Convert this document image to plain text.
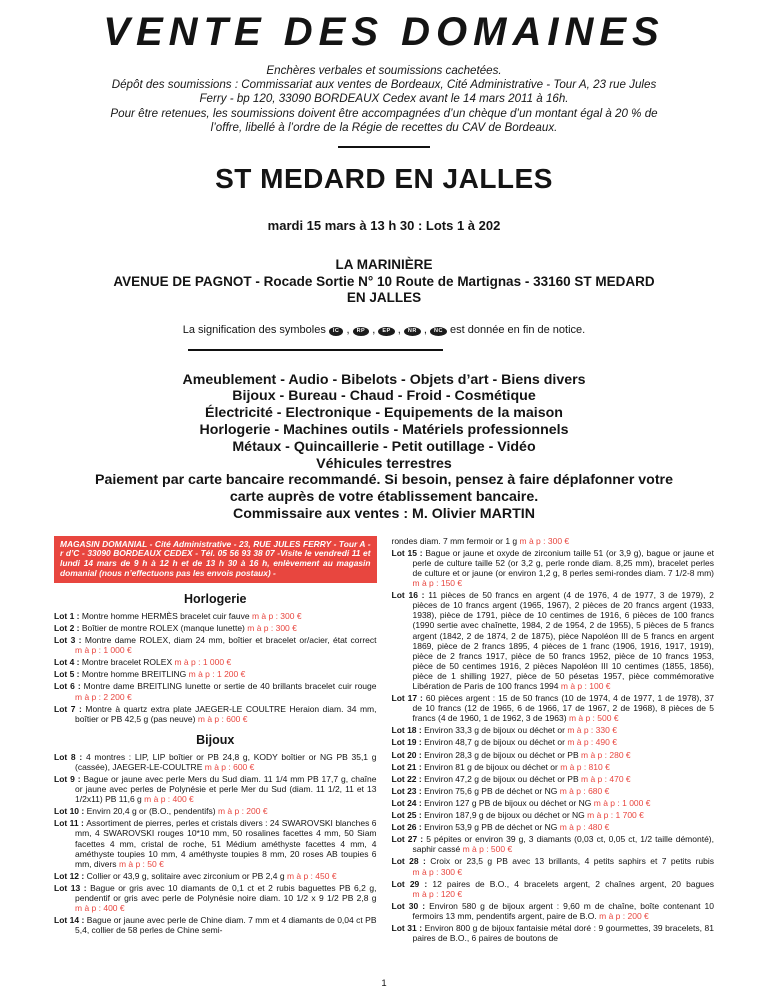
VENTE DES DOMAINES
Enchères verbales et soumissions cachetées.
Dépôt des soumissions : Commissariat aux ventes de Bordeaux, Cité Administrative - Tour A, 23 rue Jules
Ferry - bp 120, 33090 BORDEAUX Cedex avant le 14 mars 2011 à 16h.
Pour être retenues, les soumissions doivent être accompagnées d’un chèque d’un montant égal à 20 % de
l’offre, libellé à l’ordre de la Régie de recettes du CAV de Bordeaux.
ST MEDARD EN JALLES
mardi 15 mars à 13 h 30 : Lots 1 à 202
LA MARINIÈRE
AVENUE DE PAGNOT - Rocade Sortie N° 10 Route de Martignas - 33160 ST MEDARD
EN JALLES
La signification des symboles IC , RP , EP , NR , NC est donnée en fin de notice.
Ameublement - Audio - Bibelots - Objets d’art - Biens divers
Bijoux - Bureau - Chaud - Froid - Cosmétique
Électricité - Electronique - Equipements de la maison
Horlogerie - Machines outils - Matériels professionnels
Métaux - Quincaillerie - Petit outillage - Vidéo
Véhicules terrestres
Paiement par carte bancaire recommandé. Si besoin, pensez à faire déplafonner votre
carte auprès de votre établissement bancaire.
Commissaire aux ventes : M. Olivier MARTIN
MAGASIN DOMANIAL - Cité Administrative - 23, RUE JULES FERRY - Tour A -r d’C - 33090 BORDEAUX CEDEX - Tél. 05 56 93 38 07 -Visite le vendredi 11 et lundi 14 mars de 9 h à 12 h et de 13 h 30 à 16 h, enlèvement au magasin domanial (nous n’effectuons pas les envois postaux) -
Horlogerie

Lot 1 : Montre homme HERMÈS bracelet cuir fauve m à p : 300 €

Lot 2 : Boîtier de montre ROLEX (manque lunette) m à p : 300 €

Lot 3 : Montre dame ROLEX, diam 24 mm, boîtier et bracelet or/acier, état correct m à p : 1 000 €

Lot 4 : Montre bracelet ROLEX m à p : 1 000 €

Lot 5 : Montre homme BREITLING m à p : 1 200 €

Lot 6 : Montre dame BREITLING lunette or sertie de 40 brillants bracelet cuir rouge m à p : 2 200 €

Lot 7 : Montre à quartz extra plate JAEGER-LE COULTRE Heraion diam. 34 mm, boîtier or PB 42,5 g (pas neuve) m à p : 600 €

Bijoux

Lot 8 : 4 montres : LIP, LIP boîtier or PB 24,8 g, KODY boîtier or NG PB 35,1 g (cassée), JAEGER-LE-COULTRE m à p : 600 €

Lot 9 : Bague or jaune avec perle Mers du Sud diam. 11 1/4 mm PB 17,7 g, chaîne or jaune avec perles de Polynésie et perle Mer du Sud (diam. 11 1/2, 11 et 13 1/2x11) PB 11,6 g m à p : 400 €

Lot 10 : Envirn 20,4 g or (B.O., pendentifs) m à p : 200 €

Lot 11 : Assortiment de pierres, perles et cristals divers : 24 SWAROVSKI blanches 6 mm, 4 SWAROVSKI rouges 10*10 mm, 50 rosalines facettes 4 mm, 50 Siam facettes 4 mm, cristal de roche, 51 Médium améthyste facettes 4 mm, 4 améthyste toupies 10 mm, 4 améthyste toupies 8 mm, 20 roses AB toupies 6 mm, divers m à p : 50 €

Lot 12 : Collier or 43,9 g, solitaire avec zirconium or PB 2,4 g m à p : 450 €

Lot 13 : Bague or gris avec 10 diamants de 0,1 ct et 2 rubis baguettes PB 6,2 g, pendentif or gris avec perle de Polynésie noire diam. 10 1/2 x 9 1/2 PB 2,8 g m à p : 400 €

Lot 14 : Bague or jaune avec perle de Chine diam. 7 mm et 4 diamants de 0,04 ct PB 5,4, collier de 58 perles de Chine semi-

rondes diam. 7 mm fermoir or 1 g m à p : 300 €

Lot 15 : Bague or jaune et oxyde de zirconium taille 51 (or 3,9 g), bague or jaune et perle de culture taille 52 (or 3,2 g, perle ronde diam. 8,25 mm), bracelet perles de culture et or jaune (or environ 1,2 g, 8 perles semi-rondes diam. 7 1/2-8 mm) m à p : 150 €

Lot 16 : 11 pièces de 50 francs en argent (4 de 1976, 4 de 1977, 3 de 1979), 2 pièces de 10 francs argent (1965, 1967), 2 pièces de 20 francs argent (1933, 1938), pièce de 1791, pièce de 10 centimes de 1916, 6 pièces de 100 francs (1990 sertie avec chaînette, 1984, 2 de 1954, 2 de 1955), 5 pièces de 5 francs argent (1842, 2 de 1874, 2 de 1875), pièce Napoléon III de 5 francs en argent 1869, pièce de 2 francs 1895, 4 pièces de 1 franc (1906, 1916, 1917, 1919), pièce de 2 francs 1917, pièce de 50 francs 1952, pièce de 10 francs 1953, pièce de 50 centimes 1916, 2 pièces Napoléon III 10 centimes (1855, 1856), pièce de 1 shilling 1927, pièce de 50 pésetas 1957, pièce commémorative Libération de Paris de 100 francs 1994 m à p : 100 €

Lot 17 : 60 pièces argent : 15 de 50 francs (10 de 1974, 4 de 1977, 1 de 1978), 37 de 10 francs (12 de 1965, 6 de 1966, 17 de 1967, 2 de 1968), 8 pièces de 5 francs (4 de 1960, 1 de 1962, 3 de 1963) m à p : 500 €

Lot 18 : Environ 33,3 g de bijoux ou déchet or m à p : 330 €

Lot 19 : Environ 48,7 g de bijoux ou déchet or m à p : 490 €

Lot 20 : Environ 28,3 g de bijoux ou déchet or PB m à p : 280 €

Lot 21 : Environ 81 g de bijoux ou déchet or m à p : 810 €

Lot 22 : Environ 47,2 g de bijoux ou déchet or PB m à p : 470 €

Lot 23 : Environ 75,6 g PB de déchet or NG m à p : 680 €

Lot 24 : Environ 127 g PB de bijoux ou déchet or NG m à p : 1 000 €

Lot 25 : Environ 187,9 g de bijoux ou déchet or NG m à p : 1 700 €

Lot 26 : Environ 53,9 g PB de déchet or NG m à p : 480 €

Lot 27 : 5 pépites or environ 39 g, 3 diamants (0,03 ct, 0,05 ct, 1/2 taille démonté), saphir cassé m à p : 500 €

Lot 28 : Croix or 23,5 g PB avec 13 brillants, 4 petits saphirs et 7 petits rubis m à p : 300 €

Lot 29 : 12 paires de B.O., 4 bracelets argent, 2 chaînes argent, 20 bagues m à p : 120 €

Lot 30 : Environ 580 g de bijoux argent : 9,60 m de chaîne, boîte contenant 10 fermoirs 13 mm, pendentifs argent, paire de B.O. m à p : 200 €

Lot 31 : Environ 800 g de bijoux fantaisie métal doré : 9 gourmettes, 39 bracelets, 81 paires de B.O., 6 paires de boutons de

1
